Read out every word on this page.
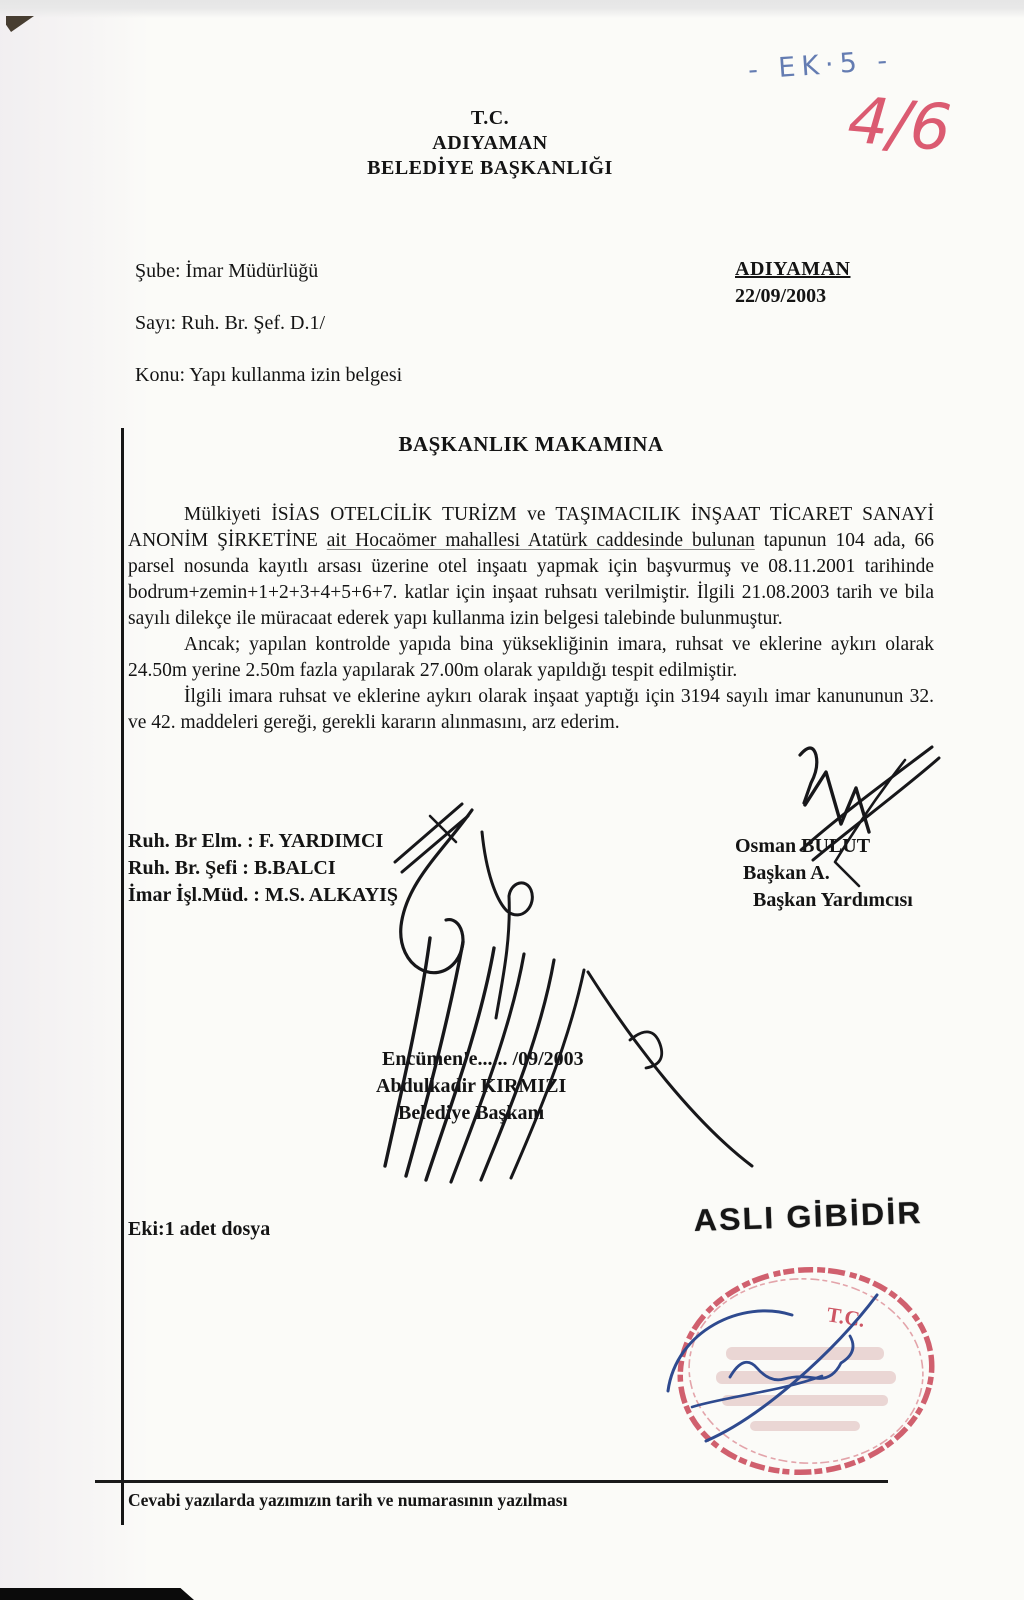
- EK·5 -
4/6
T.C.
ADIYAMAN
BELEDİYE BAŞKANLIĞI
Şube: İmar Müdürlüğü
Sayı: Ruh. Br. Şef. D.1/
Konu: Yapı kullanma izin belgesi
ADIYAMAN
22/09/2003
BAŞKANLIK MAKAMINA

Mülkiyeti İSİAS OTELCİLİK TURİZM ve TAŞIMACILIK İNŞAAT TİCARET SANAYİ ANONİM ŞİRKETİNE ait Hocaömer mahallesi Atatürk caddesinde bulunan tapunun 104 ada, 66 parsel nosunda kayıtlı arsası üzerine otel inşaatı yapmak için başvurmuş ve 08.11.2001 tarihinde bodrum+zemin+1+2+3+4+5+6+7. katlar için inşaat ruhsatı verilmiştir. İlgili 21.08.2003 tarih ve bila sayılı dilekçe ile müracaat ederek yapı kullanma izin belgesi talebinde bulunmuştur.

Ancak; yapılan kontrolde yapıda bina yüksekliğinin imara, ruhsat ve eklerine aykırı olarak 24.50m yerine 2.50m fazla yapılarak 27.00m olarak yapıldığı tespit edilmiştir.

İlgili imara ruhsat ve eklerine aykırı olarak inşaat yaptığı için 3194 sayılı imar kanununun 32. ve 42. maddeleri gereği, gerekli kararın alınmasını, arz ederim.

Ruh. Br Elm. : F. YARDIMCI
Ruh. Br. Şefi : B.BALCI
İmar İşl.Müd. : M.S. ALKAYIŞ
Osman BULUT
Başkan A.
Başkan Yardımcısı
Encümen'e...... /09/2003
Abdulkadir KIRMIZI
Belediye Başkanı
Eki:1 adet dosya
Cevabi yazılarda yazımızın tarih ve numarasının yazılması
ASLI GİBİDİR
T.C.
